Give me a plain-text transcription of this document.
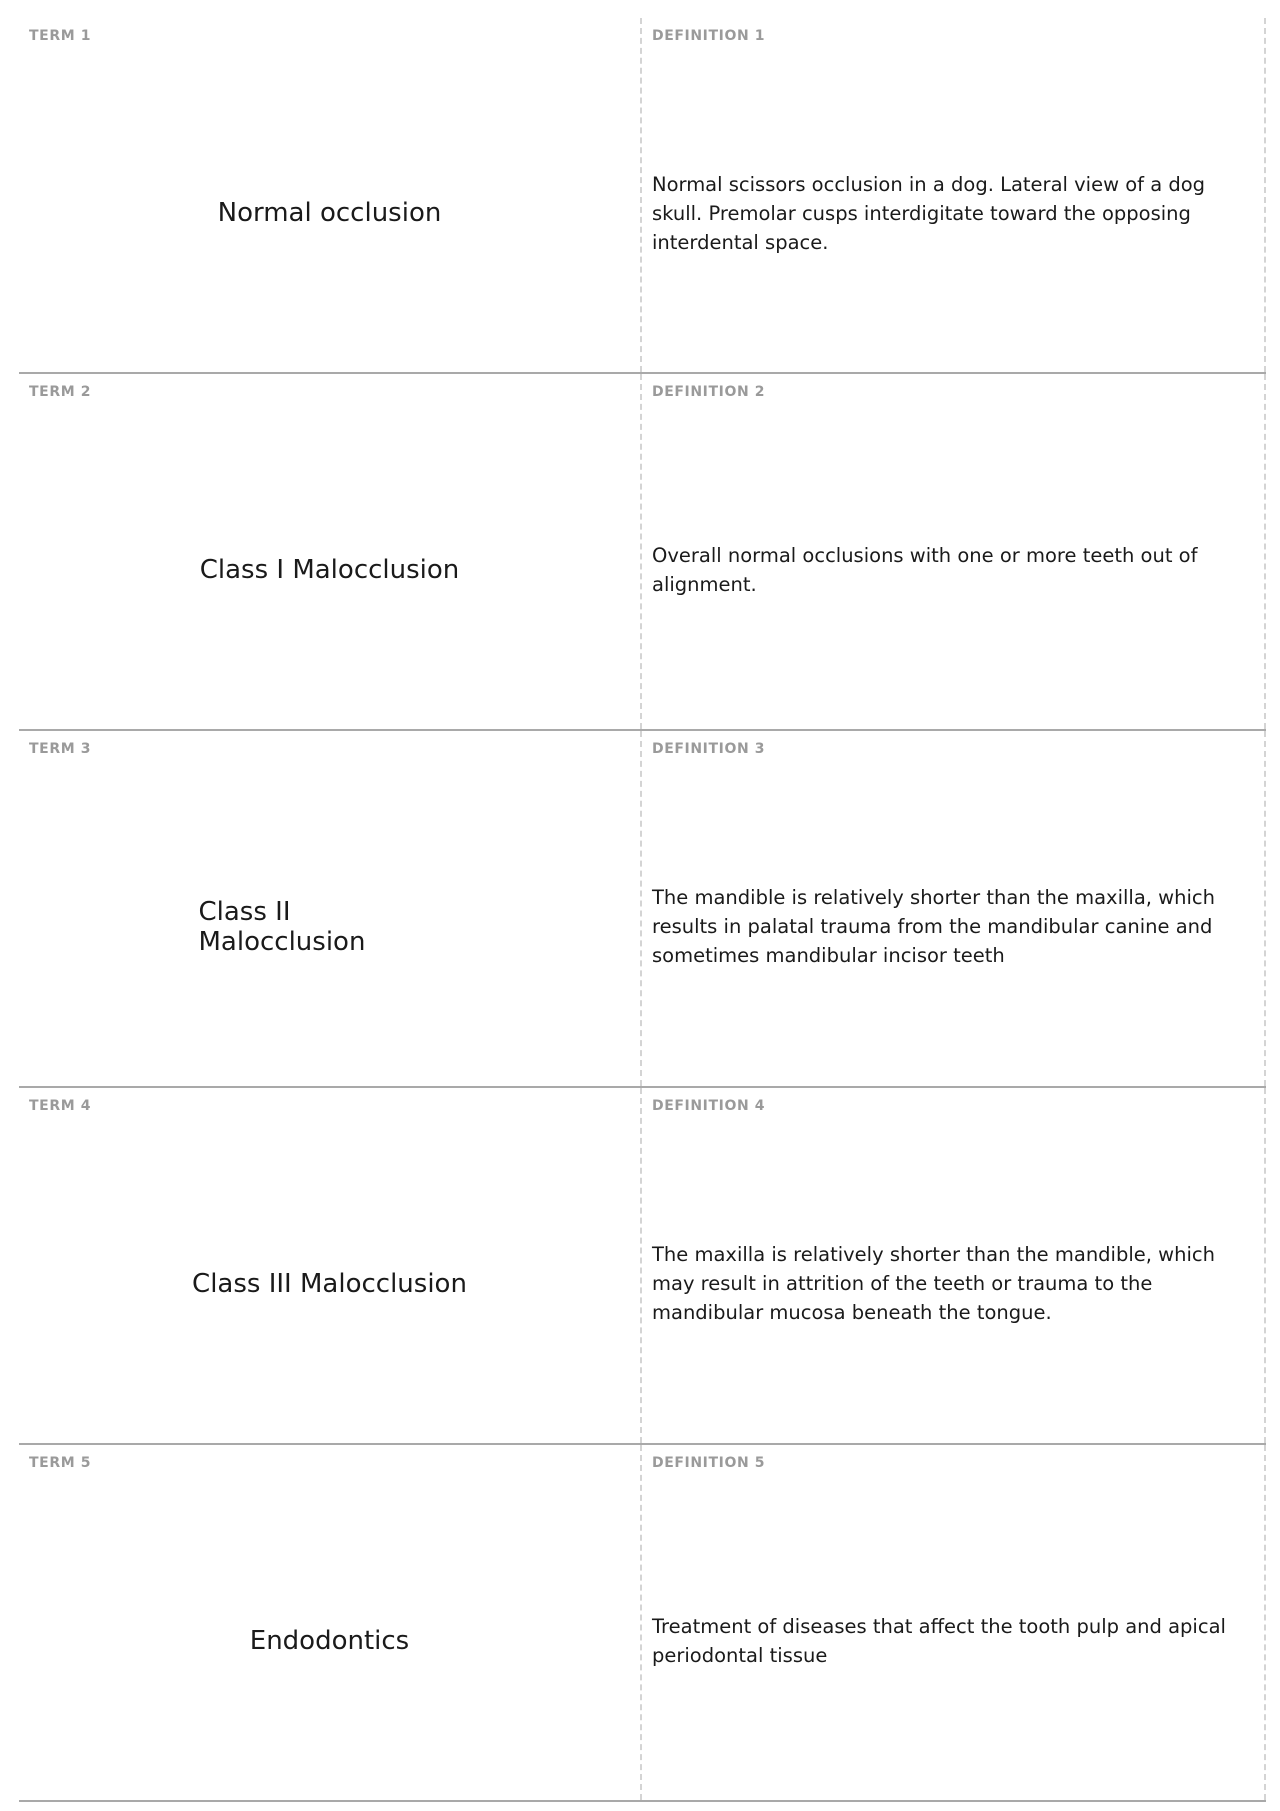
TERM 1
Normal occlusion
DEFINITION 1
Normal scissors occlusion in a dog. Lateral view of a dog skull. Premolar cusps interdigitate toward the opposing interdental space.
TERM 2
Class I Malocclusion
DEFINITION 2
Overall normal occlusions with one or more teeth out of alignment.
TERM 3
Class II Malocclusion
DEFINITION 3
The mandible is relatively shorter than the maxilla, which results in palatal trauma from the mandibular canine and sometimes mandibular incisor teeth
TERM 4
Class III Malocclusion
DEFINITION 4
The maxilla is relatively shorter than the mandible, which may result in attrition of the teeth or trauma to the mandibular mucosa beneath the tongue.
TERM 5
Endodontics
DEFINITION 5
Treatment of diseases that affect the tooth pulp and apical periodontal tissue
